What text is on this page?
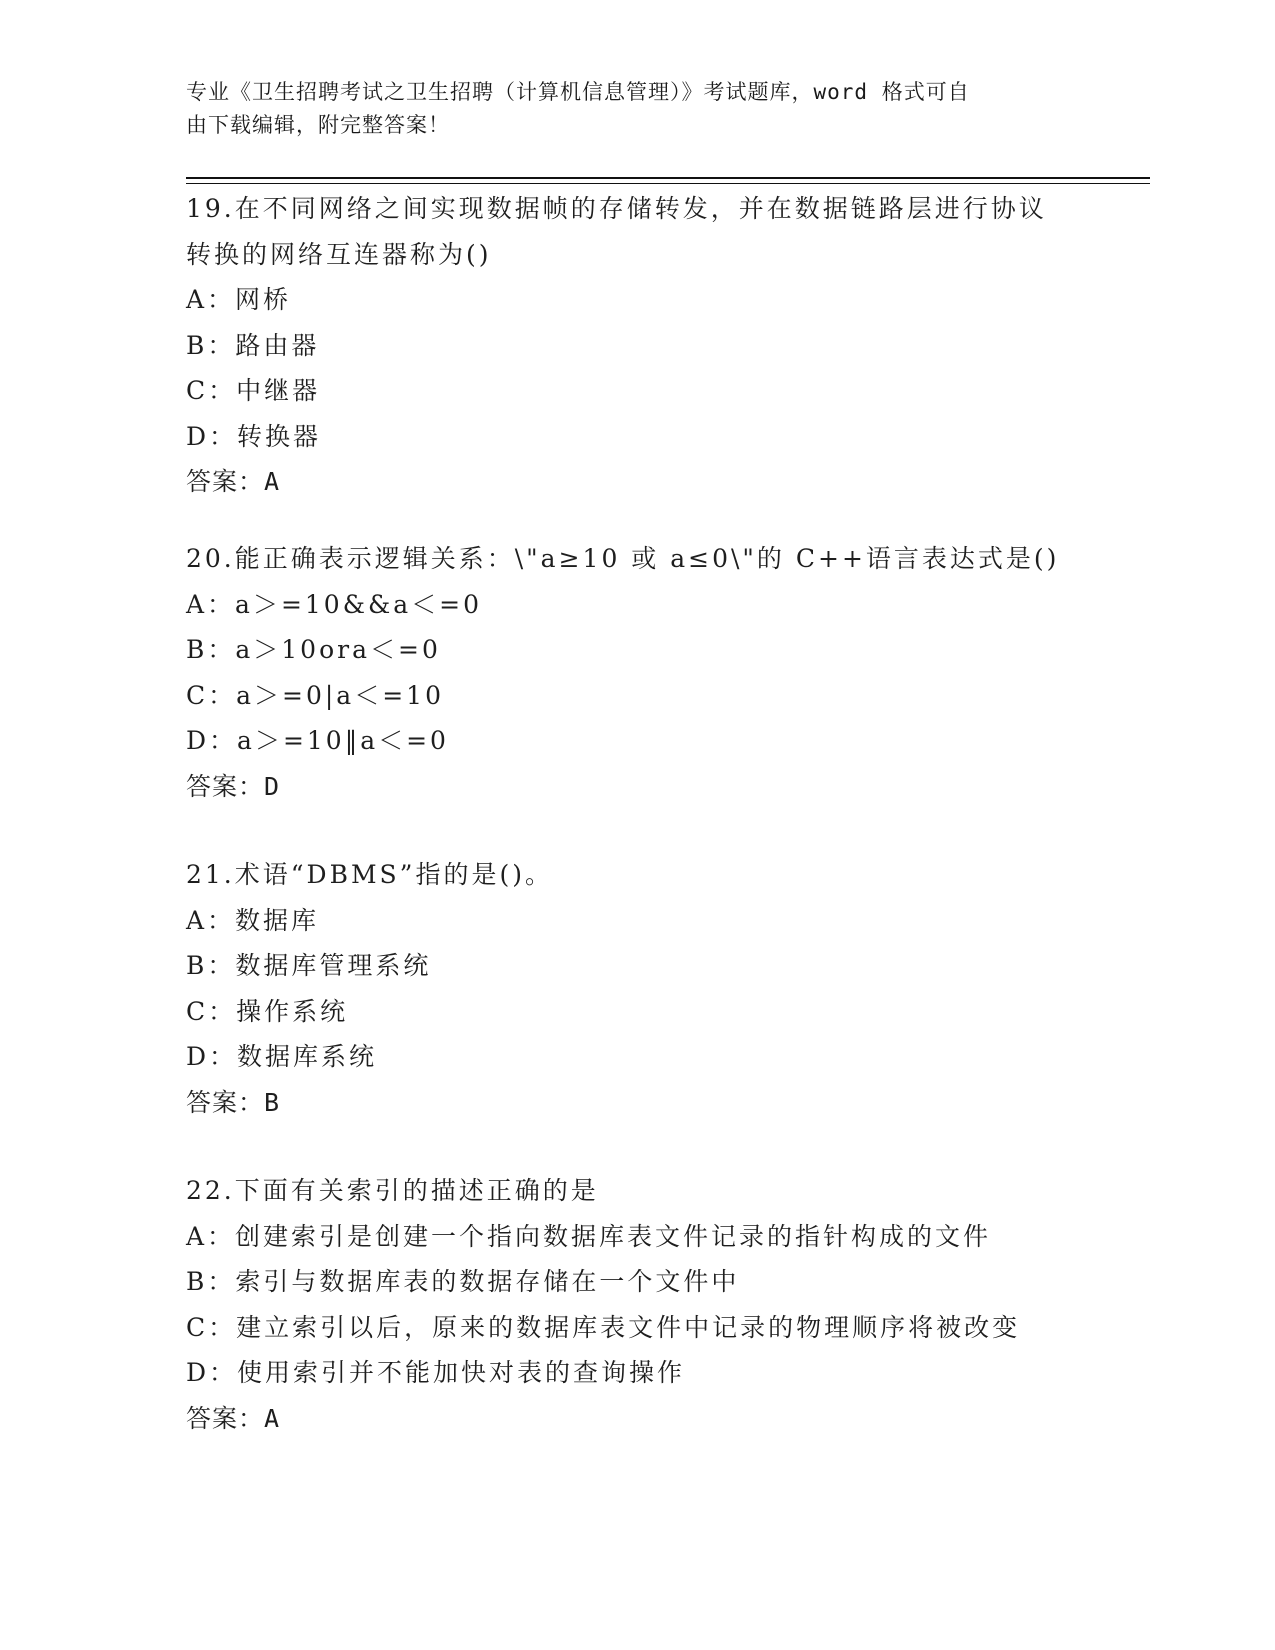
专业《卫生招聘考试之卫生招聘（计算机信息管理）》考试题库，word 格式可自
由下载编辑，附完整答案！
19.在不同网络之间实现数据帧的存储转发，并在数据链路层进行协议
转换的网络互连器称为()
A：网桥
B：路由器
C：中继器
D：转换器
答案：A
20.能正确表示逻辑关系：\"a≥10 或 a≤0\"的 C++语言表达式是()
A：a＞=10&&a＜=0
B：a＞10ora＜=0
C：a＞=0|a＜=10
D：a＞=10‖a＜=0
答案：D
21.术语“DBMS”指的是()。
A：数据库
B：数据库管理系统
C：操作系统
D：数据库系统
答案：B
22.下面有关索引的描述正确的是
A：创建索引是创建一个指向数据库表文件记录的指针构成的文件
B：索引与数据库表的数据存储在一个文件中
C：建立索引以后，原来的数据库表文件中记录的物理顺序将被改变
D：使用索引并不能加快对表的查询操作
答案：A
